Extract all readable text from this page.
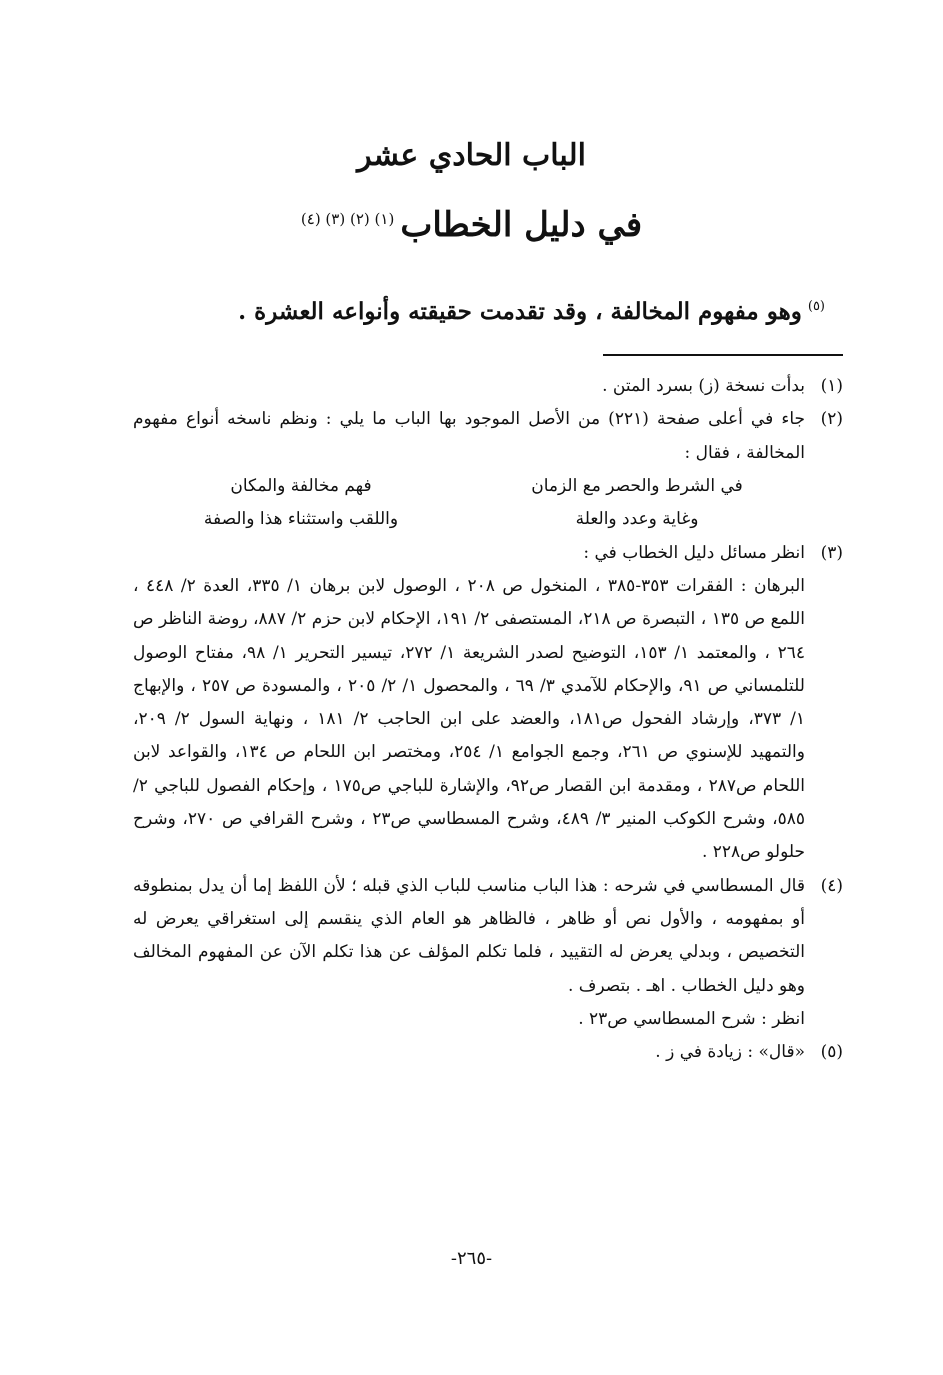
الباب الحادي عشر
في دليل الخطاب$^{(١) (٢) (٣) (٤)}$
$^{(٥)}$وهو مفهوم المخالفة ، وقد تقدمت حقيقته وأنواعه العشرة .
(١)
بدأت نسخة (ز) بسرد المتن .
(٢)
جاء في أعلى صفحة (٢٢١) من الأصل الموجود بها الباب ما يلي : ونظم ناسخه أنواع مفهوم المخالفة ، فقال :
في الشرط والحصر مع الزمان
فهم مخالفة والمكان
وغاية وعدد والعلة
واللقب واستثناء هذا والصفة
(٣)
انظر مسائل دليل الخطاب في :
البرهان : الفقرات ٣٥٣-٣٨٥ ، المنخول ص ٢٠٨ ، الوصول لابن برهان ١/ ٣٣٥، العدة ٢/ ٤٤٨ ، اللمع ص ١٣٥ ، التبصرة ص ٢١٨، المستصفى ٢/ ١٩١، الإحكام لابن حزم ٢/ ٨٨٧، روضة الناظر ص ٢٦٤ ، والمعتمد ١/ ١٥٣، التوضيح لصدر الشريعة ١/ ٢٧٢، تيسير التحرير ١/ ٩٨، مفتاح الوصول للتلمساني ص ٩١، والإحكام للآمدي ٣/ ٦٩ ، والمحصول ١/ ٢/ ٢٠٥ ، والمسودة ص ٢٥٧ ، والإبهاج ١/ ٣٧٣، وإرشاد الفحول ص١٨١، والعضد على ابن الحاجب ٢/ ١٨١ ، ونهاية السول ٢/ ٢٠٩، والتمهيد للإسنوي ص ٢٦١، وجمع الجوامع ١/ ٢٥٤، ومختصر ابن اللحام ص ١٣٤، والقواعد لابن اللحام ص٢٨٧ ، ومقدمة ابن القصار ص٩٢، والإشارة للباجي ص١٧٥ ، وإحكام الفصول للباجي ٢/ ٥٨٥، وشرح الكوكب المنير ٣/ ٤٨٩، وشرح المسطاسي ص٢٣ ، وشرح القرافي ص ٢٧٠، وشرح حلولو ص٢٢٨ .
(٤)
قال المسطاسي في شرحه : هذا الباب مناسب للباب الذي قبله ؛ لأن اللفظ إما أن يدل بمنطوقه أو بمفهومه ، والأول نص أو ظاهر ، فالظاهر هو العام الذي ينقسم إلى استغراقي يعرض له التخصيص ، وبدلي يعرض له التقييد ، فلما تكلم المؤلف عن هذا تكلم الآن عن المفهوم المخالف وهو دليل الخطاب . اهـ . بتصرف .
انظر : شرح المسطاسي ص٢٣ .
(٥)
«قال» : زيادة في ز .
-٢٦٥-
